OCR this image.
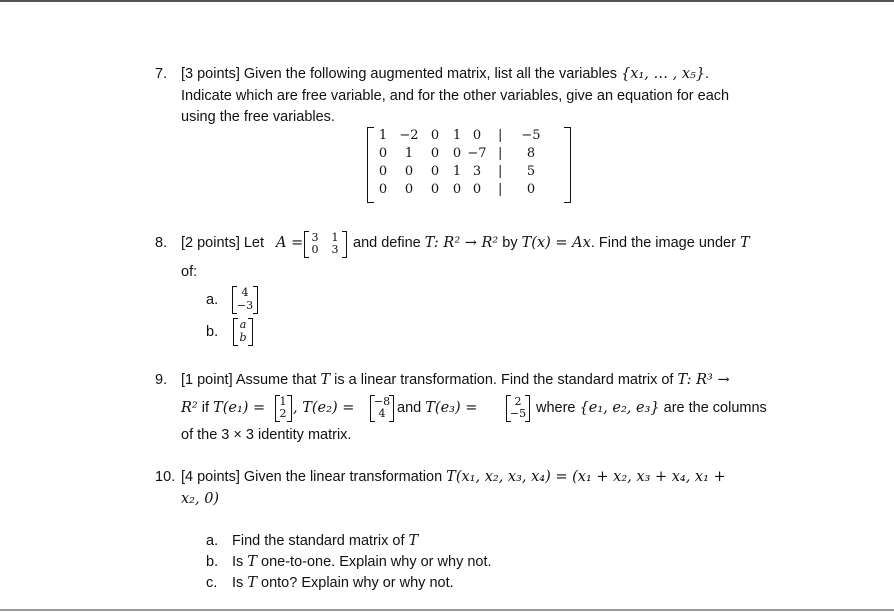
7. [3 points] Given the following augmented matrix, list all the variables {x₁, … , x₅}.
Indicate which are free variable, and for the other variables, give an equation for each
using the free variables.
1 −2 0	1 0	|	−5
0	1	0	0 −7 |	8
0	0	0	1 3	|	5
0	0	0	0 0	|	0
8. [2 points] Let A = 3	1
0	3 and define T: R² → R² by T(x) = Ax. Find the image under T
of:
a.	4
−3
b. a
b
9. [1 point] Assume that T is a linear transformation. Find the standard matrix of T: R³ →
R² if T(e₁) = 1
2 , T(e₂) = −8
4 and T(e₃) =	2
−5 where {e₁, e₂, e₃} are the columns
of the 3 × 3 identity matrix.
10. [4 points] Given the linear transformation T(x₁, x₂, x₃, x₄) = (x₁ + x₂, x₃ + x₄, x₁ +
x₂, 0)
a. Find the standard matrix of T
b. Is T one-to-one. Explain why or why not.
c. Is T onto? Explain why or why not.
